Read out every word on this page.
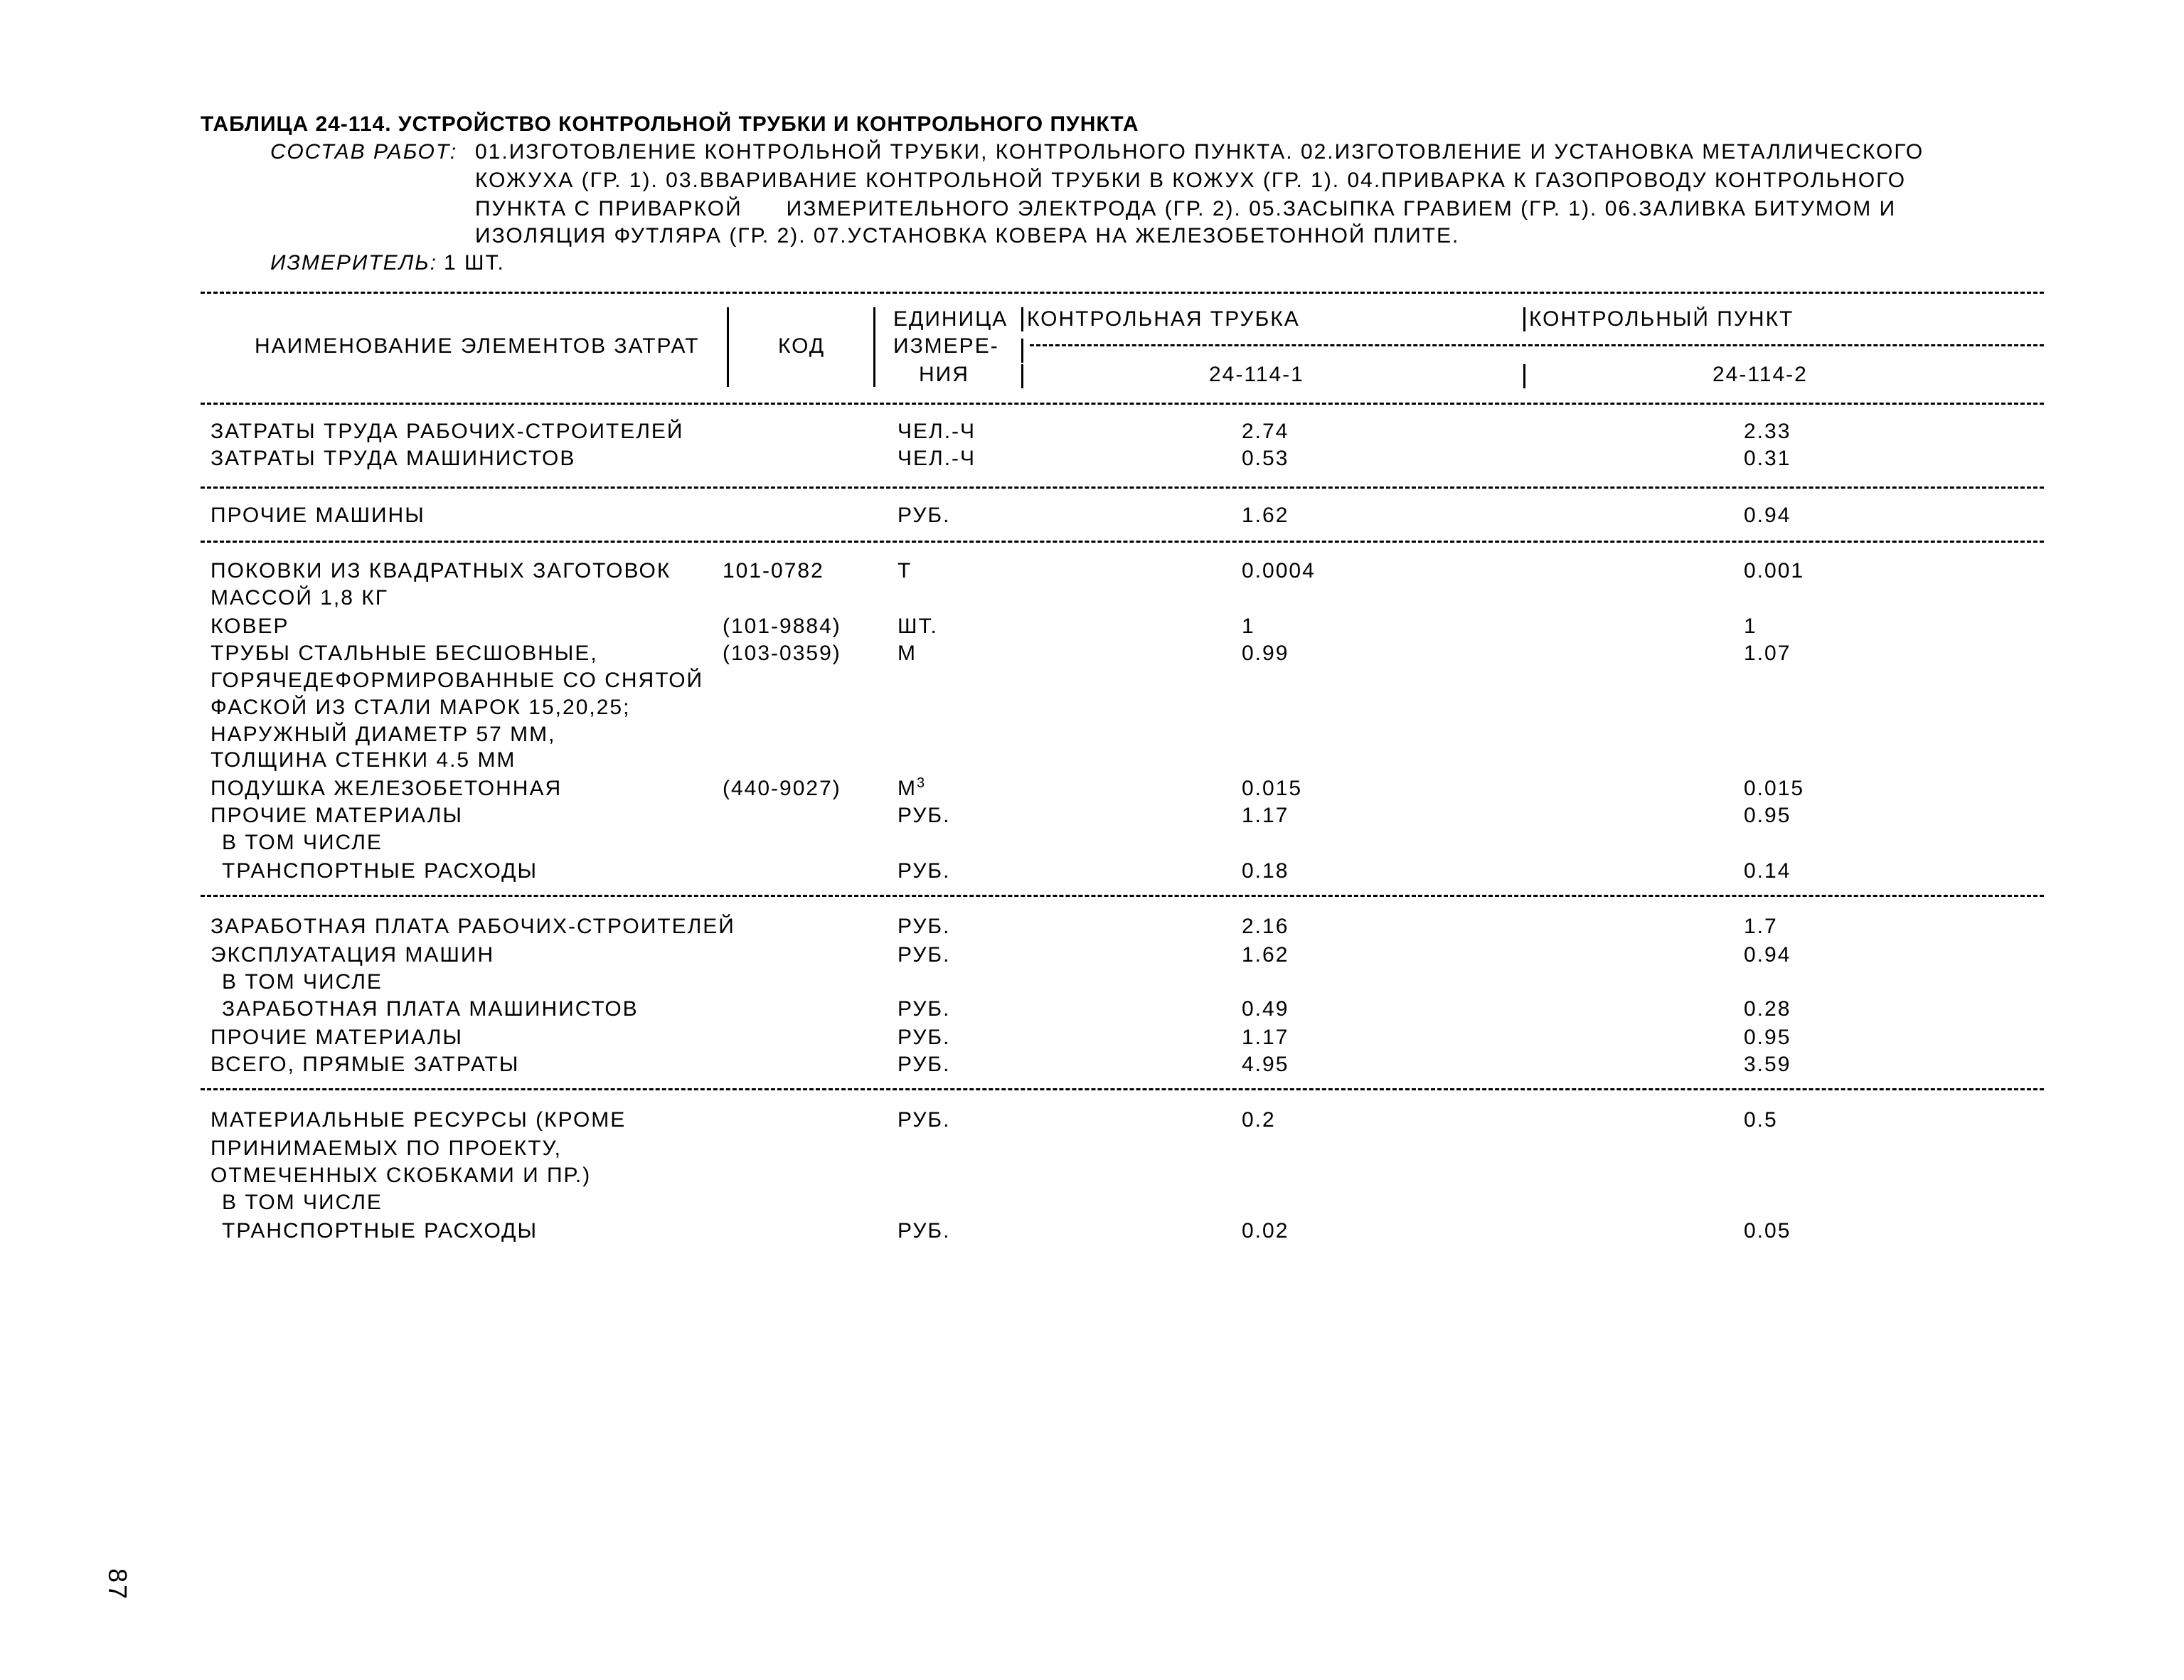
ТАБЛИЦА 24-114. УСТРОЙСТВО КОНТРОЛЬНОЙ ТРУБКИ И КОНТРОЛЬНОГО ПУНКТА
СОСТАВ РАБОТ: 01.ИЗГОТОВЛЕНИЕ КОНТРОЛЬНОЙ ТРУБКИ, КОНТРОЛЬНОГО ПУНКТА. 02.ИЗГОТОВЛЕНИЕ И УСТАНОВКА МЕТАЛЛИЧЕСКОГО
КОЖУХА (ГР. 1). 03.ВВАРИВАНИЕ КОНТРОЛЬНОЙ ТРУБКИ В КОЖУХ (ГР. 1). 04.ПРИВАРКА К ГАЗОПРОВОДУ КОНТРОЛЬНОГО
ПУНКТА С ПРИВАРКОЙ      ИЗМЕРИТЕЛЬНОГО ЭЛЕКТРОДА (ГР. 2). 05.ЗАСЫПКА ГРАВИЕМ (ГР. 1). 06.ЗАЛИВКА БИТУМОМ И
ИЗОЛЯЦИЯ ФУТЛЯРА (ГР. 2). 07.УСТАНОВКА КОВЕРА НА ЖЕЛЕЗОБЕТОННОЙ ПЛИТЕ.
ИЗМЕРИТЕЛЬ: 1 ШТ.
НАИМЕНОВАНИЕ ЭЛЕМЕНТОВ ЗАТРАТ	КОД
ЕДИНИЦА
ИЗМЕРЕ-
НИЯ
КОНТРОЛЬНАЯ ТРУБКА	КОНТРОЛЬНЫЙ ПУНКТ
24-114-1	24-114-2
ЗАТРАТЫ ТРУДА РАБОЧИХ-СТРОИТЕЛЕЙ	ЧЕЛ.-Ч	2.74	2.33
ЗАТРАТЫ ТРУДА МАШИНИСТОВ	ЧЕЛ.-Ч	0.53	0.31
ПРОЧИЕ МАШИНЫ	РУБ.	1.62	0.94
ПОКОВКИ ИЗ КВАДРАТНЫХ ЗАГОТОВОК 101-0782	Т	0.0004	0.001
МАССОЙ 1,8 КГ
КОВЕР	(101-9884)	ШТ.	1	1
ТРУБЫ СТАЛЬНЫЕ БЕСШОВНЫЕ,	(103-0359)	М	0.99	1.07
ГОРЯЧЕДЕФОРМИРОВАННЫЕ СО СНЯТОЙ
ФАСКОЙ ИЗ СТАЛИ МАРОК 15,20,25;
НАРУЖНЫЙ ДИАМЕТР 57 ММ,
ТОЛЩИНА СТЕНКИ 4.5 ММ
ПОДУШКА ЖЕЛЕЗОБЕТОННАЯ	(440-9027)	$М^3$	0.015	0.015
ПРОЧИЕ МАТЕРИАЛЫ	РУБ.	1.17	0.95
В ТОМ ЧИСЛЕ
ТРАНСПОРТНЫЕ РАСХОДЫ	РУБ.	0.18	0.14
ЗАРАБОТНАЯ ПЛАТА РАБОЧИХ-СТРОИТЕЛЕЙ	РУБ.	2.16	1.7
ЭКСПЛУАТАЦИЯ МАШИН	РУБ.	1.62	0.94
В ТОМ ЧИСЛЕ
ЗАРАБОТНАЯ ПЛАТА МАШИНИСТОВ	РУБ.	0.49	0.28
ПРОЧИЕ МАТЕРИАЛЫ	РУБ.	1.17	0.95
ВСЕГО, ПРЯМЫЕ ЗАТРАТЫ	РУБ.	4.95	3.59
МАТЕРИАЛЬНЫЕ РЕСУРСЫ (КРОМЕ	РУБ.	0.2	0.5
ПРИНИМАЕМЫХ ПО ПРОЕКТУ,
ОТМЕЧЕННЫХ СКОБКАМИ И ПР.)
В ТОМ ЧИСЛЕ
ТРАНСПОРТНЫЕ РАСХОДЫ	РУБ.	0.02	0.05
87
